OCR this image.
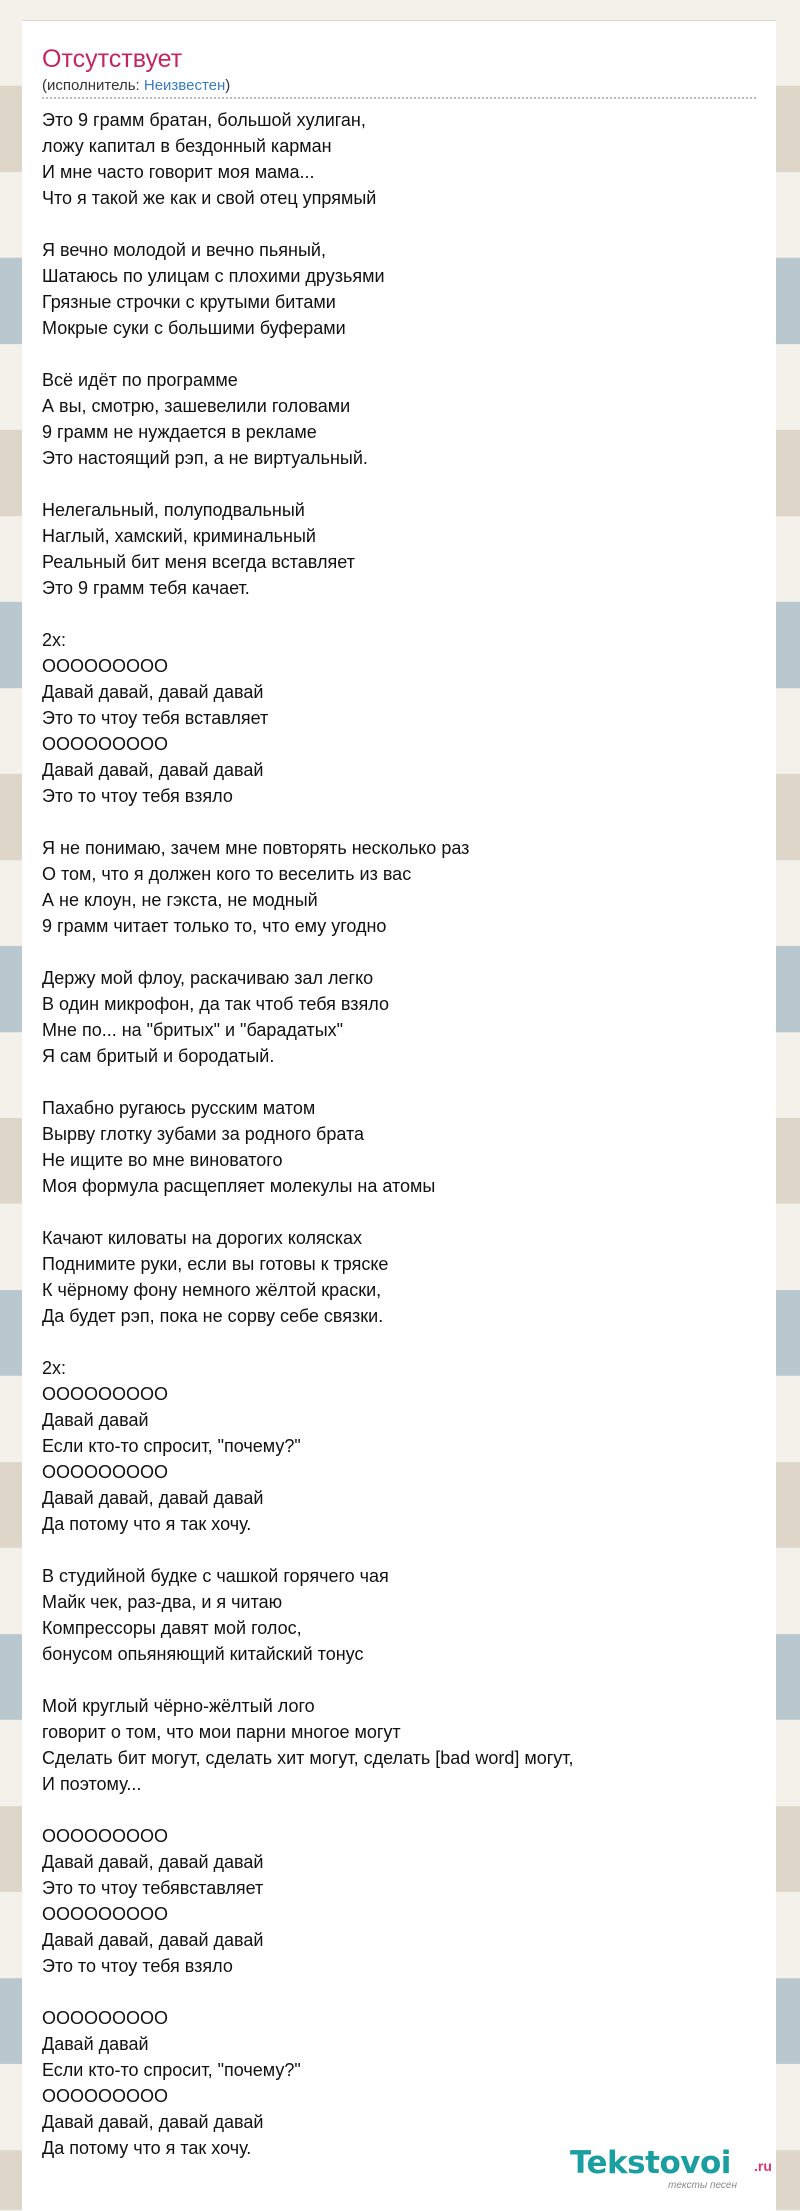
Отсутствует
(исполнитель: Неизвестен)
Это 9 грамм братан, большой хулиган,
ложу капитал в бездонный карман
И мне часто говорит моя мама...
Что я такой же как и свой отец упрямый
Я вечно молодой и вечно пьяный,
Шатаюсь по улицам с плохими друзьями
Грязные строчки с крутыми битами
Мокрые суки с большими буферами
Всё идёт по программе
А вы, смотрю, зашевелили головами
9 грамм не нуждается в рекламе
Это настоящий рэп, а не виртуальный.
Нелегальный, полуподвальный
Наглый, хамский, криминальный
Реальный бит меня всегда вставляет
Это 9 грамм тебя качает.
2х:
ООООООООО
Давай давай, давай давай
Это то чтоу тебя вставляет
ООООООООО
Давай давай, давай давай
Это то чтоу тебя взяло
Я не понимаю, зачем мне повторять несколько раз
О том, что я должен кого то веселить из вас
А не клоун, не гэкста, не модный
9 грамм читает только то, что ему угодно
Держу мой флоу, раскачиваю зал легко
В один микрофон, да так чтоб тебя взяло
Мне по... на "бритых" и "барадатых"
Я сам бритый и бородатый.
Пахабно ругаюсь русским матом
Вырву глотку зубами за родного брата
Не ищите во мне виноватого
Моя формула расщепляет молекулы на атомы
Качают киловаты на дорогих колясках
Поднимите руки, если вы готовы к тряске
К чёрному фону немного жёлтой краски,
Да будет рэп, пока не сорву себе связки.
2х:
ООООООООО
Давай давай
Если кто-то спросит, "почему?"
ООООООООО
Давай давай, давай давай
Да потому что я так хочу.
В студийной будке с чашкой горячего чая
Майк чек, раз-два, и я читаю
Компрессоры давят мой голос,
бонусом опьяняющий китайский тонус
Мой круглый чёрно-жёлтый лого
говорит о том, что мои парни многое могут
Сделать бит могут, сделать хит могут, сделать [bad word] могут,
И поэтому...
ООООООООО
Давай давай, давай давай
Это то чтоу тебявставляет
ООООООООО
Давай давай, давай давай
Это то чтоу тебя взяло
ООООООООО
Давай давай
Если кто-то спросит, "почему?"
ООООООООО
Давай давай, давай давай
Да потому что я так хочу.	Tekstovoi .ru
тексты песен
